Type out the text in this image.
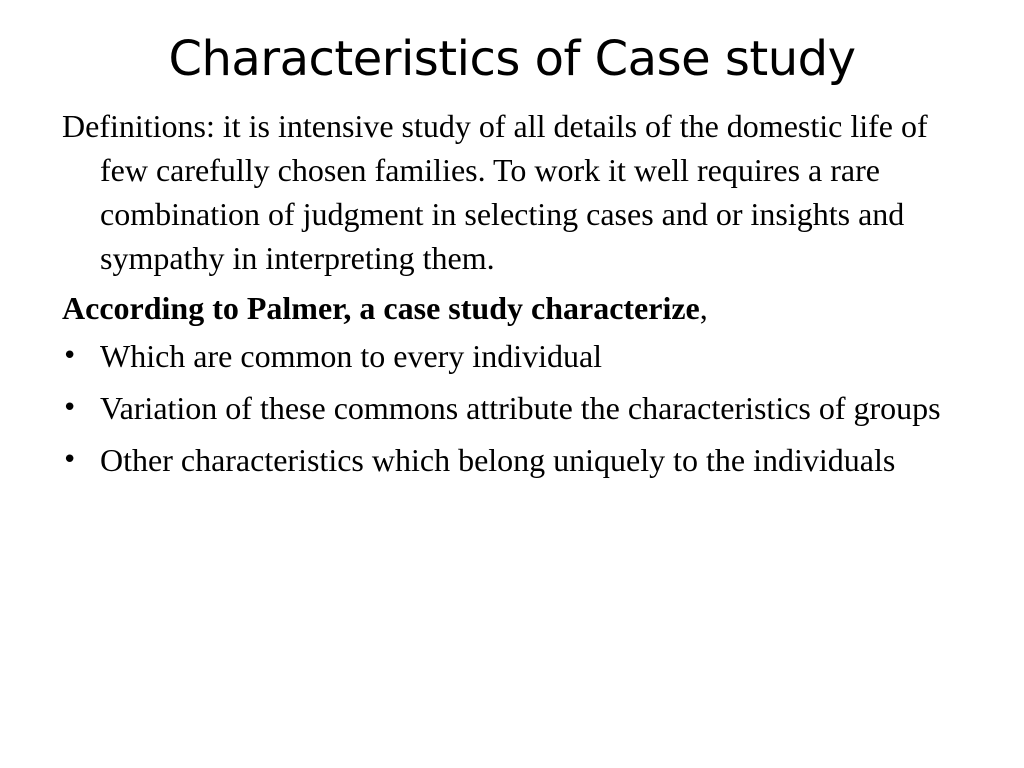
Characteristics of Case study

Definitions: it is intensive study of all details of the domestic life of few carefully chosen families. To work it well requires a rare combination of judgment in selecting cases and or insights and sympathy in interpreting them.

According to Palmer, a case study characterize,

• Which are common to every individual
• Variation of these commons attribute the characteristics of groups
• Other characteristics which belong uniquely to the individuals
